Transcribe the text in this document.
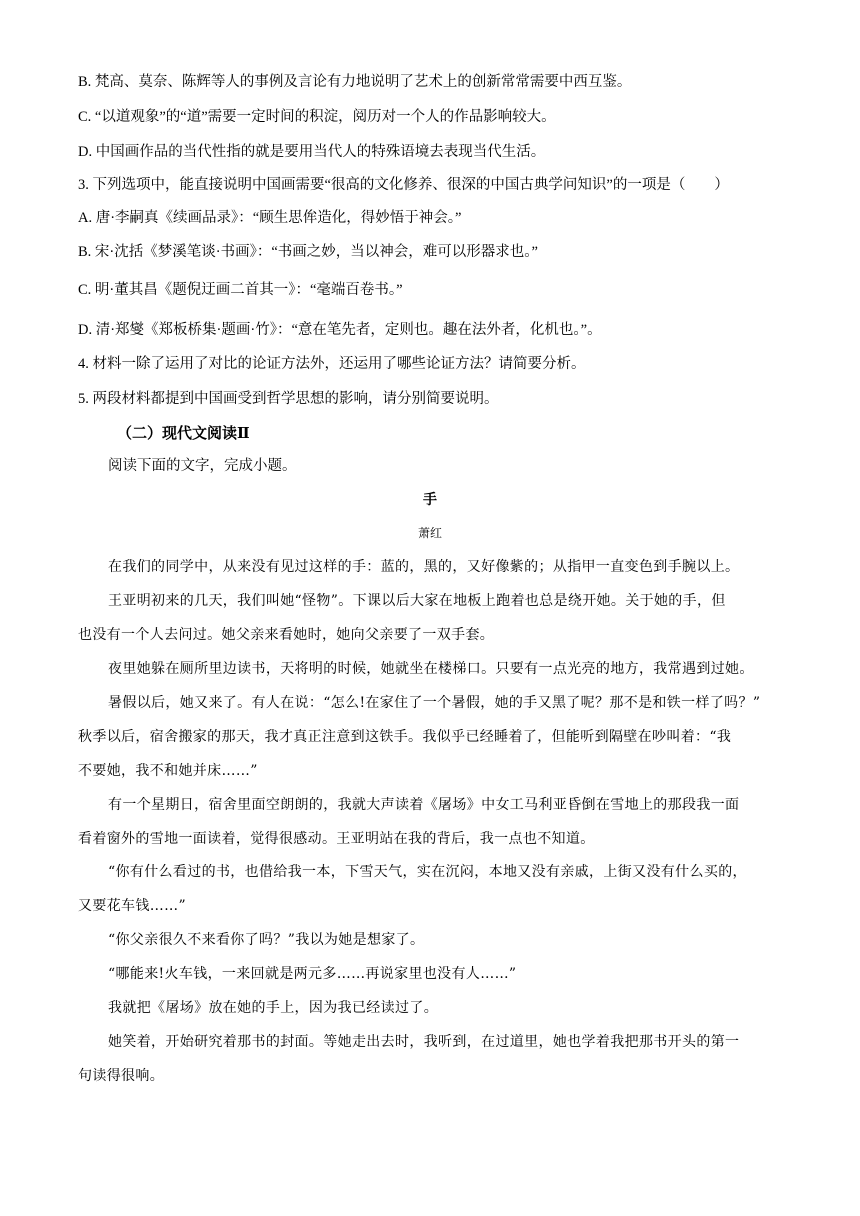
B. 梵高、莫奈、陈辉等人的事例及言论有力地说明了艺术上的创新常常需要中西互鉴。
C. “以道观象”的“道”需要一定时间的积淀，阅历对一个人的作品影响较大。
D. 中国画作品的当代性指的就是要用当代人的特殊语境去表现当代生活。
3. 下列选项中，能直接说明中国画需要“很高的文化修养、很深的中国古典学问知识”的一项是（　　）
A. 唐·李嗣真《续画品录》：“顾生思侔造化，得妙悟于神会。”
B. 宋·沈括《梦溪笔谈·书画》：“书画之妙，当以神会，难可以形器求也。”
C. 明·董其昌《题倪迂画二首其一》：“毫端百卷书。”
D. 清·郑燮《郑板桥集·题画·竹》：“意在笔先者，定则也。趣在法外者，化机也。”。
4. 材料一除了运用了对比的论证方法外，还运用了哪些论证方法？请简要分析。
5. 两段材料都提到中国画受到哲学思想的影响，请分别简要说明。
（二）现代文阅读Ⅱ
阅读下面的文字，完成小题。
手
萧红
在我们的同学中，从来没有见过这样的手：蓝的，黑的，又好像紫的；从指甲一直变色到手腕以上。
王亚明初来的几天，我们叫她“怪物”。下课以后大家在地板上跑着也总是绕开她。关于她的手，但
也没有一个人去问过。她父亲来看她时，她向父亲要了一双手套。
夜里她躲在厕所里边读书，天将明的时候，她就坐在楼梯口。只要有一点光亮的地方，我常遇到过她。
暑假以后，她又来了。有人在说：“怎么!在家住了一个暑假，她的手又黑了呢？那不是和铁一样了吗？”
秋季以后，宿舍搬家的那天，我才真正注意到这铁手。我似乎已经睡着了，但能听到隔壁在吵叫着：“我
不要她，我不和她并床……”
有一个星期日，宿舍里面空朗朗的，我就大声读着《屠场》中女工马利亚昏倒在雪地上的那段我一面
看着窗外的雪地一面读着，觉得很感动。王亚明站在我的背后，我一点也不知道。
“你有什么看过的书，也借给我一本，下雪天气，实在沉闷，本地又没有亲戚，上街又没有什么买的，
又要花车钱……”
“你父亲很久不来看你了吗？”我以为她是想家了。
“哪能来!火车钱，一来回就是两元多……再说家里也没有人……”
我就把《屠场》放在她的手上，因为我已经读过了。
她笑着，开始研究着那书的封面。等她走出去时，我听到，在过道里，她也学着我把那书开头的第一
句读得很响。
